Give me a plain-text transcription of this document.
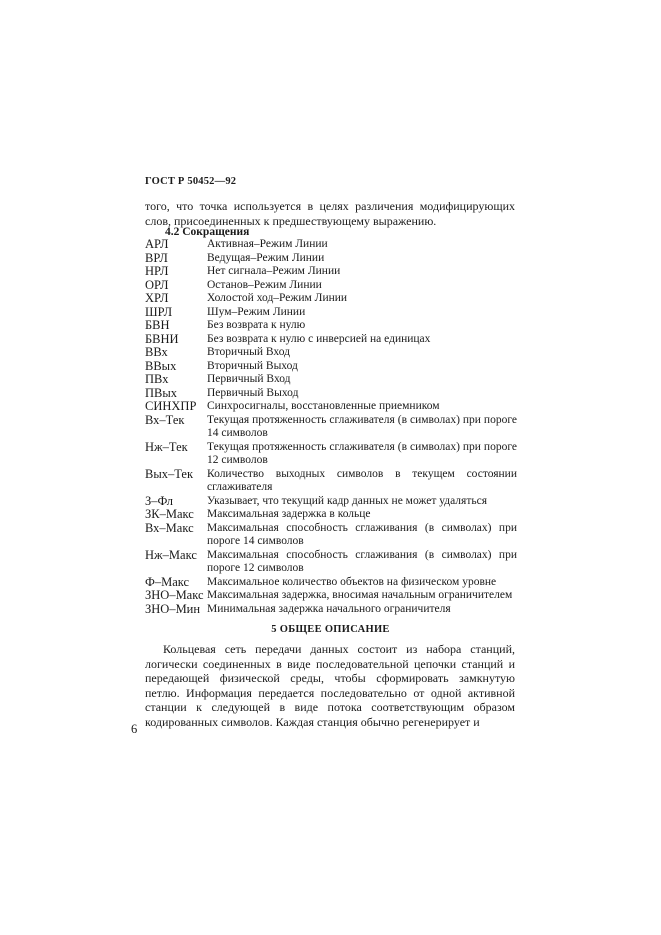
ГОСТ Р 50452—92
того, что точка используется в целях различения модифицирующих слов, присоединенных к предшествующему выражению.
4.2 Сокращения
АРЛ	Активная–Режим Линии
ВРЛ	Ведущая–Режим Линии
НРЛ	Нет сигнала–Режим Линии
ОРЛ	Останов–Режим Линии
ХРЛ	Холостой ход–Режим Линии
ШРЛ	Шум–Режим Линии
БВН	Без возврата к нулю
БВНИ	Без возврата к нулю с инверсией на единицах
ВВх	Вторичный Вход
ВВых	Вторичный Выход
ПВх	Первичный Вход
ПВых	Первичный Выход
СИНХПР Синхросигналы, восстановленные приемником
Вх–Тек	Текущая протяженность сглаживателя (в символах) при пороге 14 символов
Нж–Тек	Текущая протяженность сглаживателя (в символах) при пороге 12 символов
Вых–Тек	Количество выходных символов в текущем состоянии сглаживателя
З–Фл	Указывает, что текущий кадр данных не может удаляться
ЗК–Макс	Максимальная задержка в кольце
Вх–Макс	Максимальная способность сглаживания (в символах) при пороге 14 символов
Нж–Макс Максимальная способность сглаживания (в символах) при пороге 12 символов
Ф–Макс	Максимальное количество объектов на физическом уровне
ЗНО–Макс Максимальная задержка, вносимая начальным ограничителем
ЗНО–Мин Минимальная задержка начального ограничителя
5 ОБЩЕЕ ОПИСАНИЕ
Кольцевая сеть передачи данных состоит из набора станций, логически соединенных в виде последовательной цепочки станций и передающей физической среды, чтобы сформировать замкнутую петлю. Информация передается последовательно от одной активной станции к следующей в виде потока соответствующим образом кодированных символов. Каждая станция обычно регенерирует и
6
